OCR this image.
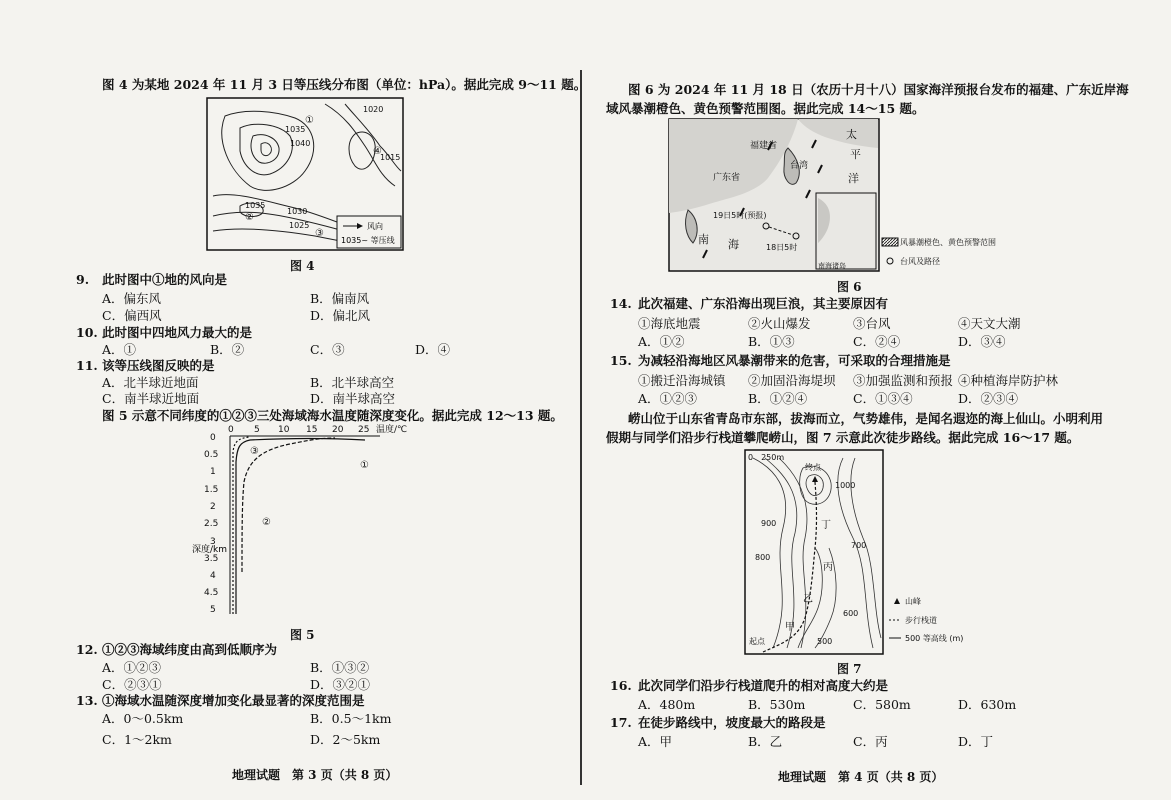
图 4 为某地 2024 年 11 月 3 日等压线分布图（单位：hPa）。据此完成 9～11 题。
1020
1035
1040
1015
1035
1030
1025
①
②
③
④
风向
1035~ 等压线
图 4
9. 此时图中①地的风向是
A．偏东风	B．偏南风
C．偏西风	D．偏北风
10. 此时图中四地风力最大的是
A．①	B．②	C．③	D．④
11. 该等压线图反映的是
A．北半球近地面	B．北半球高空
C．南半球近地面	D．南半球高空
图 5 示意不同纬度的①②③三处海域海水温度随深度变化。据此完成 12～13 题。
0 5 10 15 20 25 温度/℃
0
0.5
1
1.5
2
2.5
3
3.5
4
4.5
5
深度/km
①
②
③
图 5
12. ①②③海域纬度由高到低顺序为
A．①②③	B．①③②
C．②③①	D．③②①
13. ①海域水温随深度增加变化最显著的深度范围是
A．0～0.5km	B．0.5～1km
C．1～2km	D．2～5km
地理试题　第 3 页（共 8 页）
图 6 为 2024 年 11 月 18 日（农历十月十八）国家海洋预报台发布的福建、广东近岸海
域风暴潮橙色、黄色预警范围图。据此完成 14～15 题。
福建省
广东省
台湾
太
平
洋
南 海
19日5时(预报)
18日5时
南海诸岛
风暴潮橙色、黄色预警范围
台风及路径
图 6
14. 此次福建、广东沿海出现巨浪，其主要原因有
①海底地震	②火山爆发	③台风	④天文大潮
A．①②	B．①③	C．②④	D．③④
15. 为减轻沿海地区风暴潮带来的危害，可采取的合理措施是
①搬迁沿海城镇 ②加固沿海堤坝 ③加强监测和预报 ④种植海岸防护林
A．①②③	B．①②④	C．①③④	D．②③④
崂山位于山东省青岛市东部，拔海而立，气势雄伟，是闻名遐迩的海上仙山。小明利用
假期与同学们沿步行栈道攀爬崂山，图 7 示意此次徒步路线。据此完成 16～17 题。
0　250m
1000
终点
900
800
700
600
500
丁
丙
乙
甲
起点
山峰
步行栈道
500 等高线 (m)
图 7
16. 此次同学们沿步行栈道爬升的相对高度大约是
A．480m	B．530m	C．580m	D．630m
17. 在徒步路线中，坡度最大的路段是
A．甲	B．乙	C．丙	D．丁
地理试题　第 4 页（共 8 页）
